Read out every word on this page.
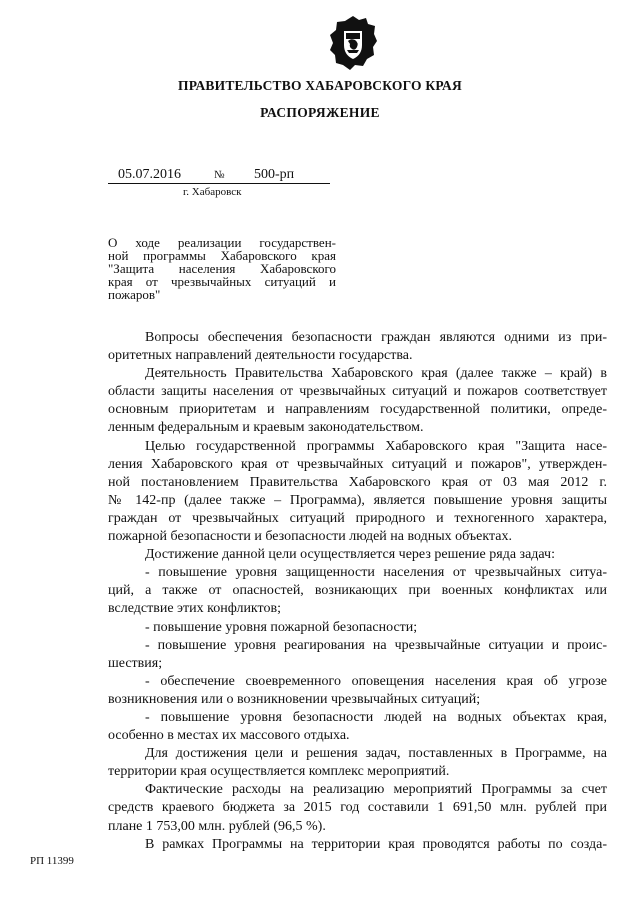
ПРАВИТЕЛЬСТВО ХАБАРОВСКОГО КРАЯ
РАСПОРЯЖЕНИЕ
05.07.2016	№ 500-рп
г. Хабаровск
О ходе реализации государствен-
ной программы Хабаровского края
"Защита населения Хабаровского
края от чрезвычайных ситуаций и
пожаров"
Вопросы обеспечения безопасности граждан являются одними из при-
оритетных направлений деятельности государства.
Деятельность Правительства Хабаровского края (далее также – край) в
области защиты населения от чрезвычайных ситуаций и пожаров соответствует
основным приоритетам и направлениям государственной политики, опреде-
ленным федеральным и краевым законодательством.
Целью государственной программы Хабаровского края "Защита насе-
ления Хабаровского края от чрезвычайных ситуаций и пожаров", утвержден-
ной постановлением Правительства Хабаровского края от 03 мая 2012 г.
№ 142-пр (далее также – Программа), является повышение уровня защиты
граждан от чрезвычайных ситуаций природного и техногенного характера,
пожарной безопасности и безопасности людей на водных объектах.
Достижение данной цели осуществляется через решение ряда задач:
- повышение уровня защищенности населения от чрезвычайных ситуа-
ций, а также от опасностей, возникающих при военных конфликтах или
вследствие этих конфликтов;
- повышение уровня пожарной безопасности;
- повышение уровня реагирования на чрезвычайные ситуации и проис-
шествия;
- обеспечение своевременного оповещения населения края об угрозе
возникновения или о возникновении чрезвычайных ситуаций;
- повышение уровня безопасности людей на водных объектах края,
особенно в местах их массового отдыха.
Для достижения цели и решения задач, поставленных в Программе, на
территории края осуществляется комплекс мероприятий.
Фактические расходы на реализацию мероприятий Программы за счет
средств краевого бюджета за 2015 год составили 1 691,50 млн. рублей при
плане 1 753,00 млн. рублей (96,5 %).
В рамках Программы на территории края проводятся работы по созда-
РП 11399
